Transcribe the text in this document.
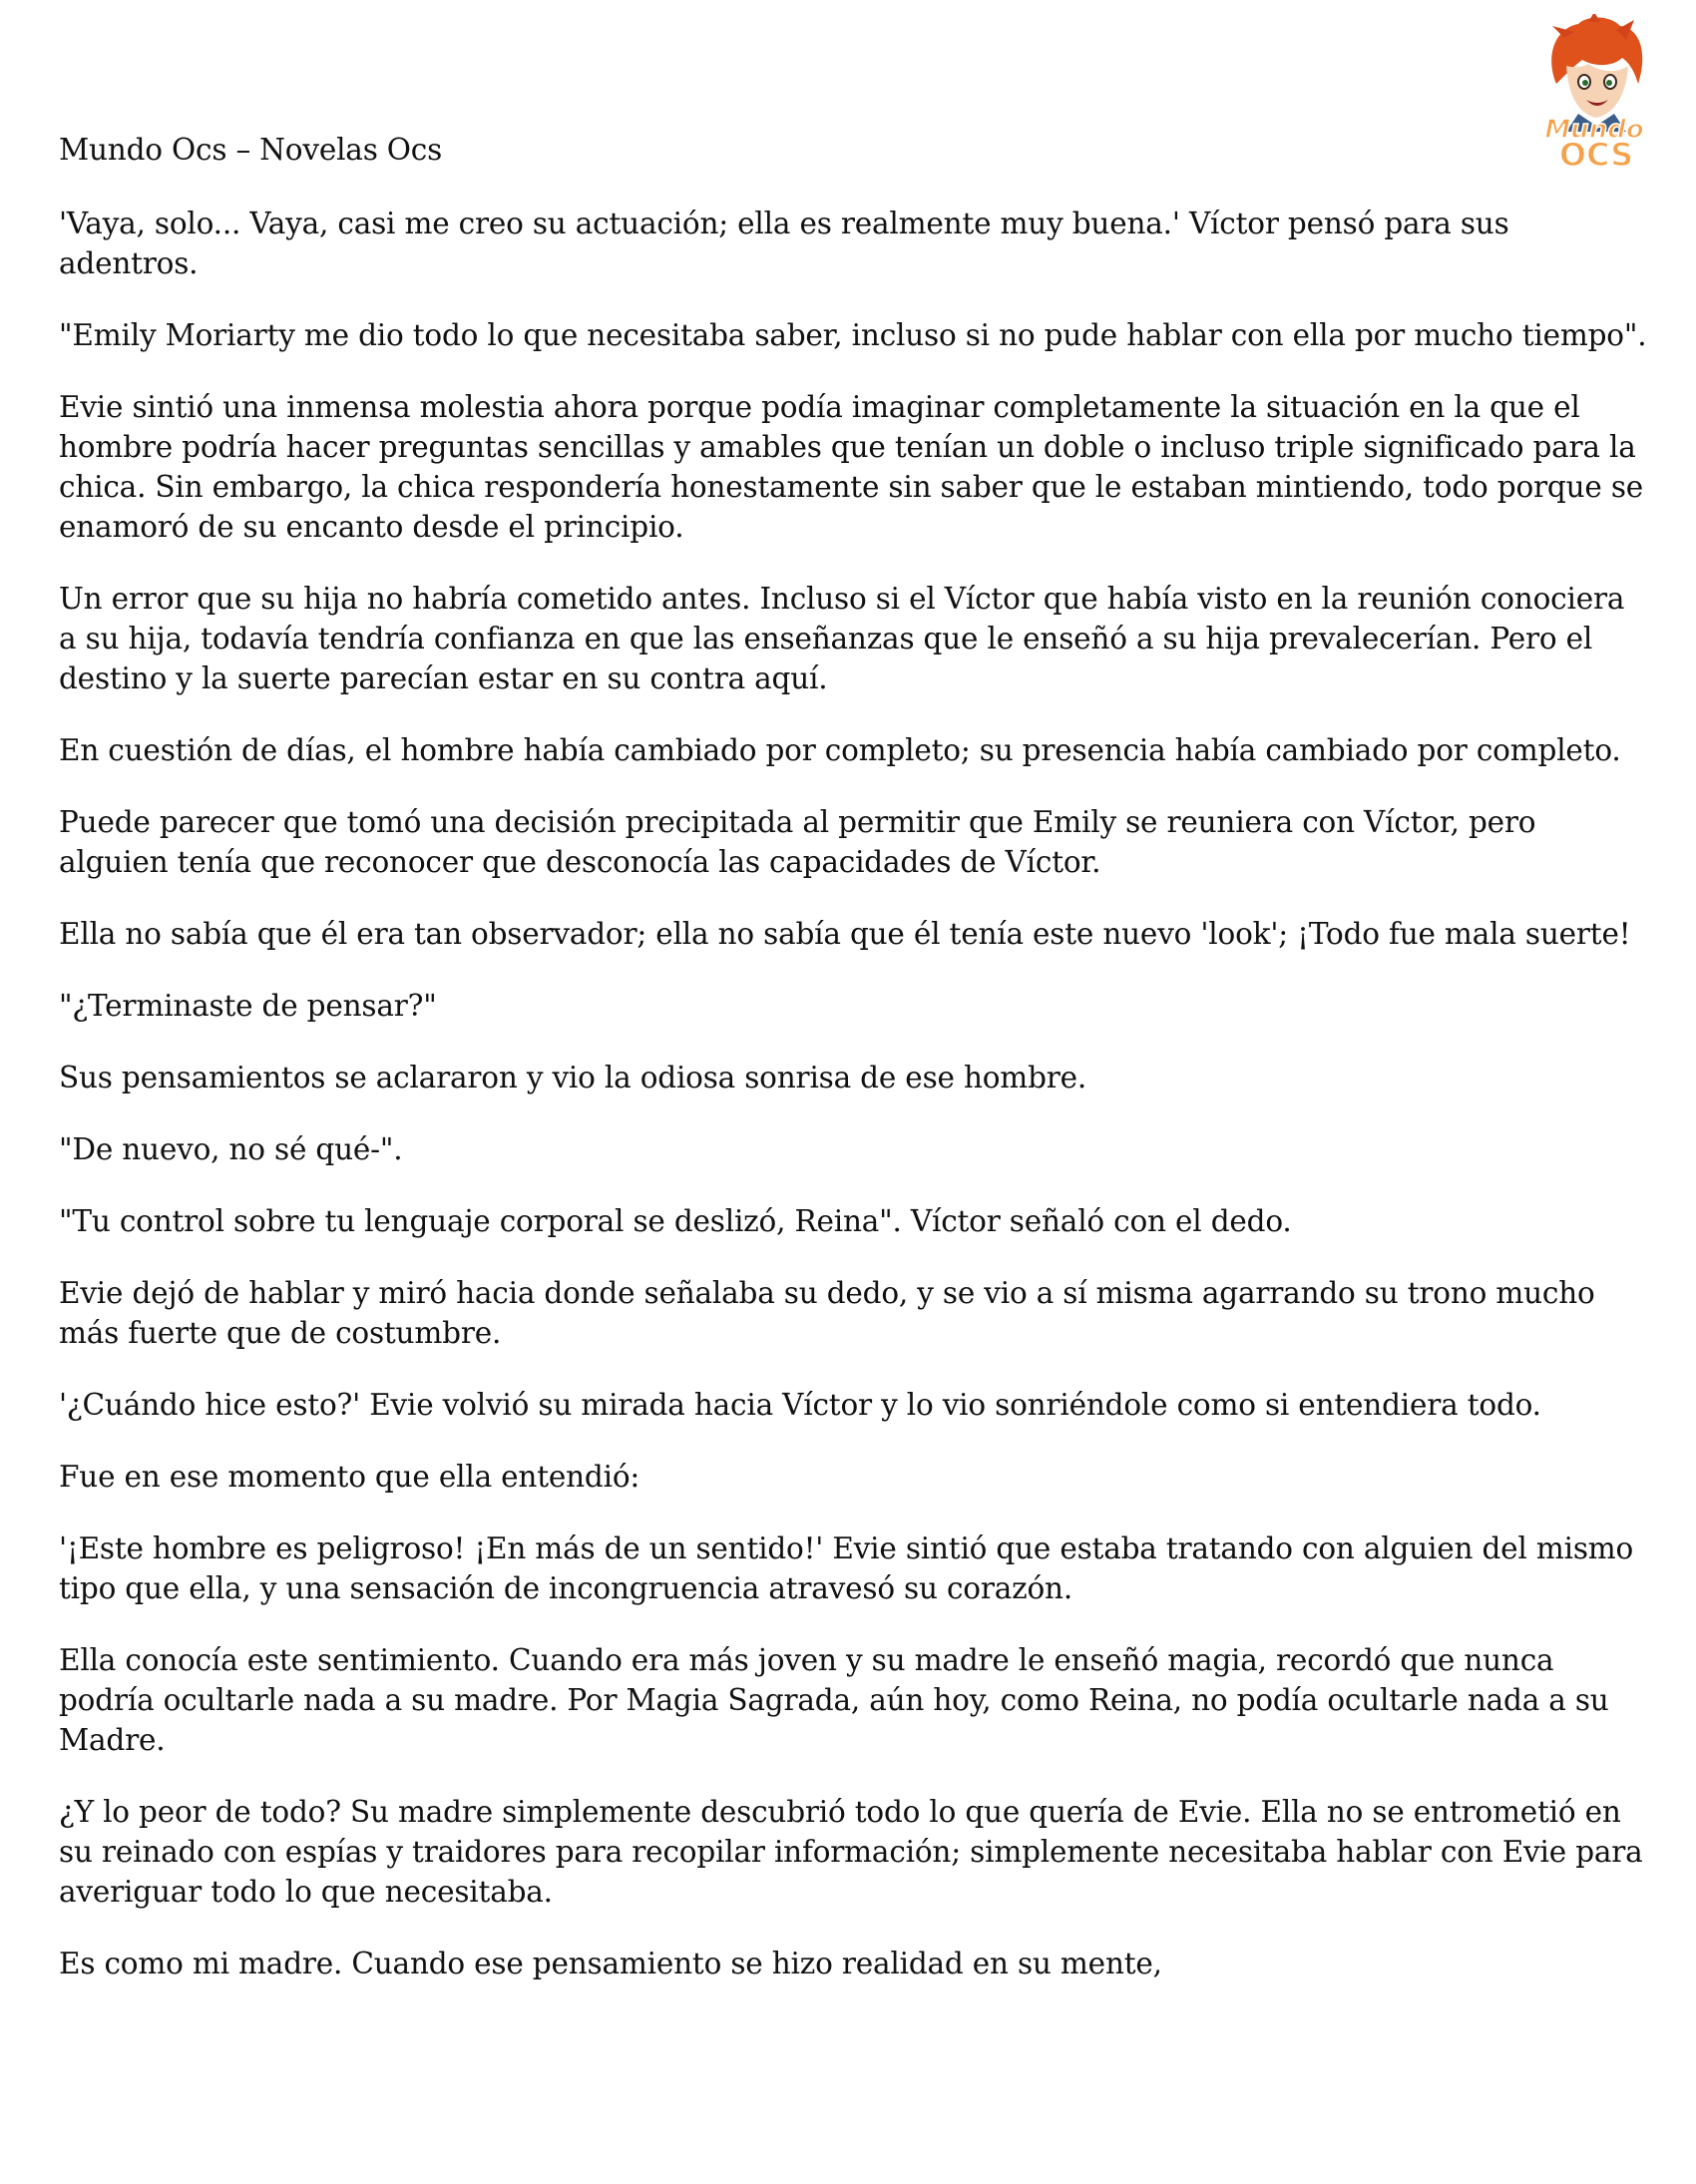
Mundo
OCS

Mundo Ocs – Novelas Ocs

'Vaya, solo... Vaya, casi me creo su actuación; ella es realmente muy buena.' Víctor pensó para sus adentros.

"Emily Moriarty me dio todo lo que necesitaba saber, incluso si no pude hablar con ella por mucho tiempo".

Evie sintió una inmensa molestia ahora porque podía imaginar completamente la situación en la que el hombre podría hacer preguntas sencillas y amables que tenían un doble o incluso triple significado para la chica. Sin embargo, la chica respondería honestamente sin saber que le estaban mintiendo, todo porque se enamoró de su encanto desde el principio.

Un error que su hija no habría cometido antes. Incluso si el Víctor que había visto en la reunión conociera a su hija, todavía tendría confianza en que las enseñanzas que le enseñó a su hija prevalecerían. Pero el destino y la suerte parecían estar en su contra aquí.

En cuestión de días, el hombre había cambiado por completo; su presencia había cambiado por completo.

Puede parecer que tomó una decisión precipitada al permitir que Emily se reuniera con Víctor, pero alguien tenía que reconocer que desconocía las capacidades de Víctor.

Ella no sabía que él era tan observador; ella no sabía que él tenía este nuevo 'look'; ¡Todo fue mala suerte!

"¿Terminaste de pensar?"

Sus pensamientos se aclararon y vio la odiosa sonrisa de ese hombre.

"De nuevo, no sé qué-".

"Tu control sobre tu lenguaje corporal se deslizó, Reina". Víctor señaló con el dedo.

Evie dejó de hablar y miró hacia donde señalaba su dedo, y se vio a sí misma agarrando su trono mucho más fuerte que de costumbre.

'¿Cuándo hice esto?' Evie volvió su mirada hacia Víctor y lo vio sonriéndole como si entendiera todo.

Fue en ese momento que ella entendió:

'¡Este hombre es peligroso! ¡En más de un sentido!' Evie sintió que estaba tratando con alguien del mismo tipo que ella, y una sensación de incongruencia atravesó su corazón.

Ella conocía este sentimiento. Cuando era más joven y su madre le enseñó magia, recordó que nunca podría ocultarle nada a su madre. Por Magia Sagrada, aún hoy, como Reina, no podía ocultarle nada a su Madre.

¿Y lo peor de todo? Su madre simplemente descubrió todo lo que quería de Evie. Ella no se entrometió en su reinado con espías y traidores para recopilar información; simplemente necesitaba hablar con Evie para averiguar todo lo que necesitaba.

Es como mi madre. Cuando ese pensamiento se hizo realidad en su mente,
